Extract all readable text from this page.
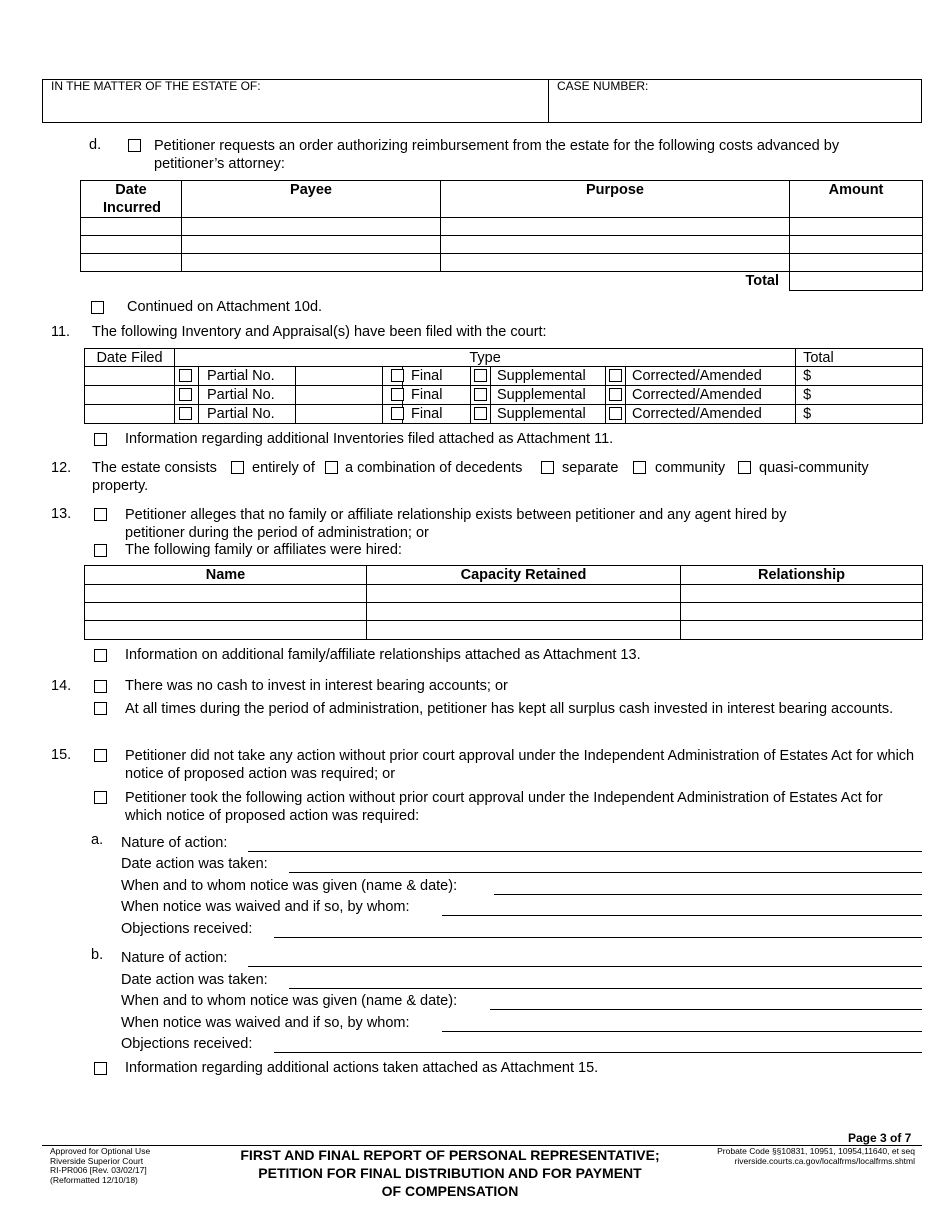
IN THE MATTER OF THE ESTATE OF:	CASE NUMBER:
d.	Petitioner requests an order authorizing reimbursement from the estate for the following costs advanced by petitioner’s attorney:
Date Incurred	Payee	Purpose	Amount

Total			
Continued on Attachment 10d.
11. The following Inventory and Appraisal(s) have been filed with the court:
Date Filed	Type										Total

	Partial No.			Final		Supplemental		Corrected/Amended	$

	Partial No.			Final		Supplemental		Corrected/Amended	$

	Partial No.			Final		Supplemental		Corrected/Amended	$
Information regarding additional Inventories filed attached as Attachment 11.
12. The estate consists entirely of a combination of decedents	separate	community quasi-community
property.
13.	Petitioner alleges that no family or affiliate relationship exists between petitioner and any agent hired by petitioner during the period of administration; or
The following family or affiliates were hired:
Name	Capacity Retained	Relationship

Information on additional family/affiliate relationships attached as Attachment 13.
14.	There was no cash to invest in interest bearing accounts; or
At all times during the period of administration, petitioner has kept all surplus cash invested in interest bearing accounts.
15.	Petitioner did not take any action without prior court approval under the Independent Administration of Estates Act for which notice of proposed action was required; or
Petitioner took the following action without prior court approval under the Independent Administration of Estates Act for which notice of proposed action was required:
a. Nature of action:
Date action was taken:
When and to whom notice was given (name & date):
When notice was waived and if so, by whom:
Objections received:
b. Nature of action:
Date action was taken:
When and to whom notice was given (name & date):
When notice was waived and if so, by whom:
Objections received:
Information regarding additional actions taken attached as Attachment 15.
Page 3 of 7
Approved for Optional Use
Riverside Superior Court
RI-PR006 [Rev. 03/02/17]
(Reformatted 12/10/18)
FIRST AND FINAL REPORT OF PERSONAL REPRESENTATIVE;
PETITION FOR FINAL DISTRIBUTION AND FOR PAYMENT
OF COMPENSATION
Probate Code §§10831, 10951, 10954,11640, et seq
riverside.courts.ca.gov/localfrms/localfrms.shtml
